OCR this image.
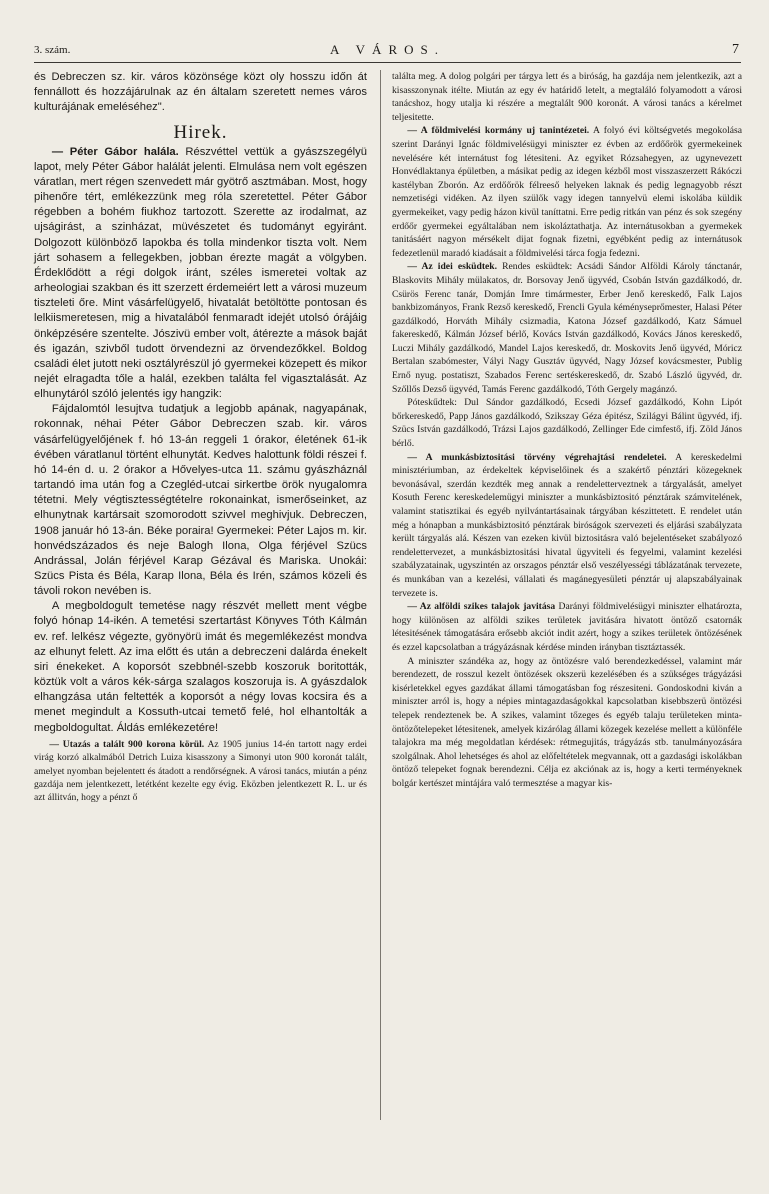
3. szám.	A VÁROS.	7

és Debreczen sz. kir. város közönsége közt oly hosszu időn át fennállott és hozzájárulnak az én általam szeretett nemes város kulturájának emeléséhez".

Hirek.

— Péter Gábor halála. Részvéttel vettük a gyászszegélyü lapot, mely Péter Gábor halálát jelenti. Elmulása nem volt egészen váratlan, mert régen szenvedett már gyötrő asztmában. Most, hogy pihenőre tért, emlékezzünk meg róla szeretettel. Péter Gábor régebben a bohém fiukhoz tartozott. Szerette az irodalmat, az ujságirást, a szinházat, müvészetet és tudományt egyiránt. Dolgozott különböző lapokba és tolla mindenkor tiszta volt. Nem járt sohasem a fellegekben, jobban érezte magát a völgyben. Érdeklődött a régi dolgok iránt, széles ismeretei voltak az arheologiai szakban és itt szerzett érdemeiért lett a városi muzeum tiszteleti őre. Mint vásárfelügyelő, hivatalát betöltötte pontosan és lelkiismeretesen, mig a hivatalából fenmaradt idejét utolsó órájáig önképzésére szentelte. Jószivü ember volt, átérezte a mások baját és igazán, szivből tudott örvendezni az örvendezőkkel. Boldog családi élet jutott neki osztályrészül jó gyermekei közepett és mikor nejét elragadta tőle a halál, ezekben találta fel vigasztalását. Az elhunytáról szóló jelentés igy hangzik:

Fájdalomtól lesujtva tudatjuk a legjobb apának, nagyapának, rokonnak, néhai Péter Gábor Debreczen szab. kir. város vásárfelügyelőjének f. hó 13-án reggeli 1 órakor, életének 61-ik évében váratlanul történt elhunytát. Kedves halottunk földi részei f. hó 14-én d. u. 2 órakor a Hővelyes-utca 11. számu gyászháznál tartandó ima után fog a Czegléd-utcai sirkertbe örök nyugalomra tétetni. Mely végtisztességtételre rokonainkat, ismerőseinket, az elhunytnak kartársait szomorodott szivvel meghivjuk. Debreczen, 1908 január hó 13-án. Béke poraira! Gyermekei: Péter Lajos m. kir. honvédszázados és neje Balogh Ilona, Olga férjével Szücs Andrással, Jolán férjével Karap Gézával és Mariska. Unokái: Szücs Pista és Béla, Karap Ilona, Béla és Irén, számos közeli és távoli rokon nevében is.

A megboldogult temetése nagy részvét mellett ment végbe folyó hónap 14-ikén. A temetési szertartást Könyves Tóth Kálmán ev. ref. lelkész végezte, gyönyörü imát és megemlékezést mondva az elhunyt felett. Az ima előtt és után a debreczeni dalárda énekelt siri énekeket. A koporsót szebbnél-szebb koszoruk boritották, köztük volt a város kék-sárga szalagos koszoruja is. A gyászdalok elhangzása után feltették a koporsót a négy lovas kocsira és a menet megindult a Kossuth-utcai temető felé, hol elhantolták a megboldogultat. Áldás emlékezetére!

— Utazás a talált 900 korona körül. Az 1905 junius 14-én tartott nagy erdei virág korzó alkalmából Detrich Luiza kisasszony a Simonyi uton 900 koronát talált, amelyet nyomban bejelentett és átadott a rendőrségnek. A városi tanács, miután a pénz gazdája nem jelentkezett, letétként kezelte egy évig. Eközben jelentkezett R. L. ur és azt állitván, hogy a pénzt ő

találta meg. A dolog polgári per tárgya lett és a biróság, ha gazdája nem jelentkezik, azt a kisasszonynak itélte. Miután az egy év határidő letelt, a megtaláló folyamodott a városi tanácshoz, hogy utalja ki részére a megtalált 900 koronát. A városi tanács a kérelmet teljesitette.

— A földmivelési kormány uj tanintézetei. A folyó évi költségvetés megokolása szerint Darányi Ignác földmivelésügyi miniszter ez évben az erdőőrök gyermekeinek nevelésére két internátust fog létesiteni. Az egyiket Rózsahegyen, az ugynevezett Honvédlaktanya épületben, a másikat pedig az idegen kézből most visszaszerzett Rákóczi kastélyban Zborón. Az erdőőrök félreeső helyeken laknak és pedig legnagyobb részt nemzetiségi vidéken. Az ilyen szülők vagy idegen tannyelvü elemi iskolába küldik gyermekeiket, vagy pedig házon kivül taníttatni. Erre pedig ritkán van pénz és sok szegény erdőőr gyermekei egyáltalában nem iskoláztathatja. Az internátusokban a gyermekek tanitásáért nagyon mérsékelt dijat fognak fizetni, egyébként pedig az internátusok fedezetlenül maradó kiadásait a földmivelési tárca fogja fedezni.

— Az idei esküdtek. Rendes esküdtek: Acsádi Sándor Alföldi Károly tánctanár, Blaskovits Mihály mülakatos, dr. Borsovay Jenő ügyvéd, Csobán István gazdálkodó, dr. Csürös Ferenc tanár, Domján Imre timármester, Erber Jenő kereskedő, Falk Lajos bankbizományos, Frank Rezső kereskedő, Frencli Gyula kéményseprőmester, Halasi Péter gazdálkodó, Horváth Mihály csizmadia, Katona József gazdálkodó, Katz Sámuel fakereskedő, Kálmán József bérlő, Kovács István gazdálkodó, Kovács János kereskedő, Luczi Mihály gazdálkodó, Mandel Lajos kereskedő, dr. Moskovits Jenő ügyvéd, Móricz Bertalan szabómester, Vályi Nagy Gusztáv ügyvéd, Nagy József kovácsmester, Publig Ernő nyug. postatiszt, Szabados Ferenc sertéskereskedő, dr. Szabó László ügyvéd, dr. Szőllős Dezső ügyvéd, Tamás Ferenc gazdálkodó, Tóth Gergely magánzó.

Póteskűdtek: Dul Sándor gazdálkodó, Ecsedi József gazdálkodó, Kohn Lipót bőrkereskedő, Papp János gazdálkodó, Szikszay Géza épitész, Szilágyi Bálint ügyvéd, ifj. Szücs István gazdálkodó, Trázsi Lajos gazdálkodó, Zellinger Ede cimfestő, ifj. Zöld János bérlő.

— A munkásbiztositási törvény végrehajtási rendeletei. A kereskedelmi minisztériumban, az érdekeltek képviselőinek és a szakértő pénztári közegeknek bevonásával, szerdán kezdték meg annak a rendeletterveztnek a tárgyalását, amelyet Kosuth Ferenc kereskedelemügyi miniszter a munkásbiztositó pénztárak számvitelének, valamint statisztikai és egyéb nyilvántartásainak tárgyában készittetett. E rendelet után még a hónapban a munkásbiztositó pénztárak biróságok szervezeti és eljárási szabályzata került tárgyalás alá. Készen van ezeken kivül biztositásra való bejelentéseket szabályozó rendelettervezet, a munkásbiztositási hivatal ügyviteli és fegyelmi, valamint kezelési szabályzatainak, ugyszintén az orszagos pénztár első veszélyességi táblázatának tervezete, és munkában van a kezelési, vállalati és magánegyesületi pénztár uj alapszabályainak tervezete is.

— Az alföldi szikes talajok javitása Darányi földmivelésügyi miniszter elhatározta, hogy különösen az alföldi szikes területek javitására hivatott öntöző csatornák létesitésének támogatására erősebb akciót indit azért, hogy a szikes területek öntözésének és ezzel kapcsolatban a trágyázásnak kérdése minden irányban tisztáztassék.

A miniszter szándéka az, hogy az öntözésre való berendezkedéssel, valamint már berendezett, de rosszul kezelt öntözések okszerü kezelésében és a szükséges trágyázási kisérletekkel egyes gazdákat állami támogatásban fog részesiteni. Gondoskodni kiván a miniszter arról is, hogy a népies mintagazdaságokkal kapcsolatban kisebbszerü öntözési telepek rendeztenek be. A szikes, valamint tőzeges és egyéb talaju területeken minta-öntözőtelepeket létesitenek, amelyek kizárólag állami közegek kezelése mellett a különféle talajokra ma még megoldatlan kérdések: rétmegujitás, trágyázás stb. tanulmányozására szolgálnak. Ahol lehetséges és ahol az előfeltételek megvannak, ott a gazdasági iskolákban öntöző telepeket fognak berendezni. Célja ez akciónak az is, hogy a kerti terményeknek bolgár kertészet mintájára való termesztése a magyar kis-
